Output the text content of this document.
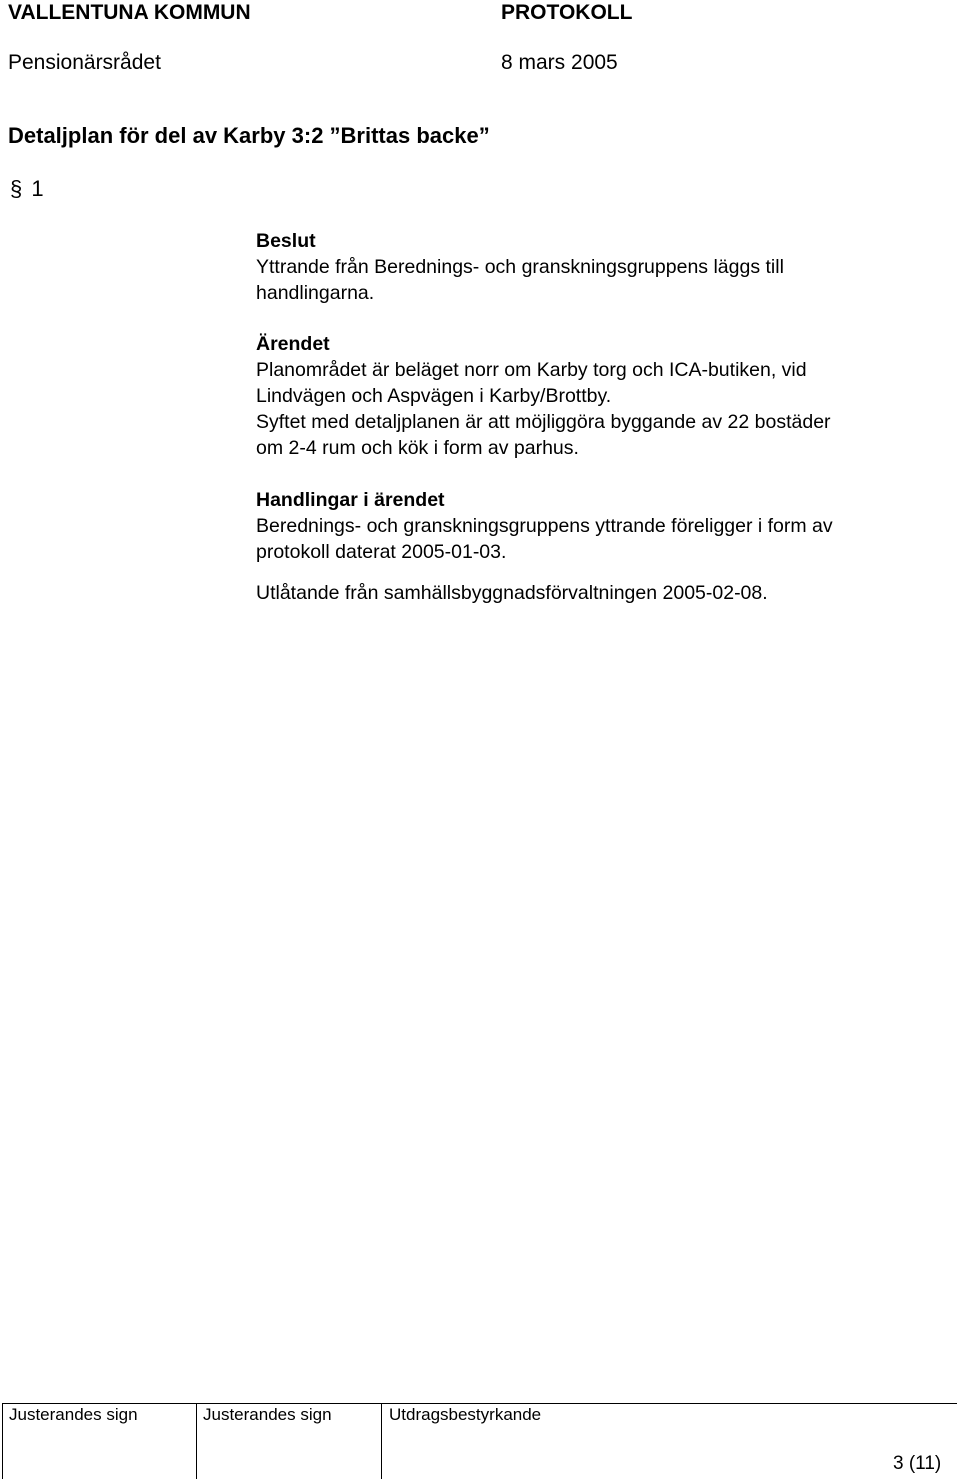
VALLENTUNA KOMMUN	PROTOKOLL
Pensionärsrådet	8 mars 2005
Detaljplan för del av Karby 3:2 ”Brittas backe”
§ 1
Beslut
Yttrande från Berednings- och granskningsgruppens läggs till
handlingarna.
Ärendet
Planområdet är beläget norr om Karby torg och ICA-butiken, vid
Lindvägen och Aspvägen i Karby/Brottby.
Syftet med detaljplanen är att möjliggöra byggande av 22 bostäder
om 2-4 rum och kök i form av parhus.
Handlingar i ärendet
Berednings- och granskningsgruppens yttrande föreligger i form av
protokoll daterat 2005-01-03.
Utlåtande från samhällsbyggnadsförvaltningen 2005-02-08.
Justerandes sign	Justerandes sign	Utdragsbestyrkande
3 (11)
